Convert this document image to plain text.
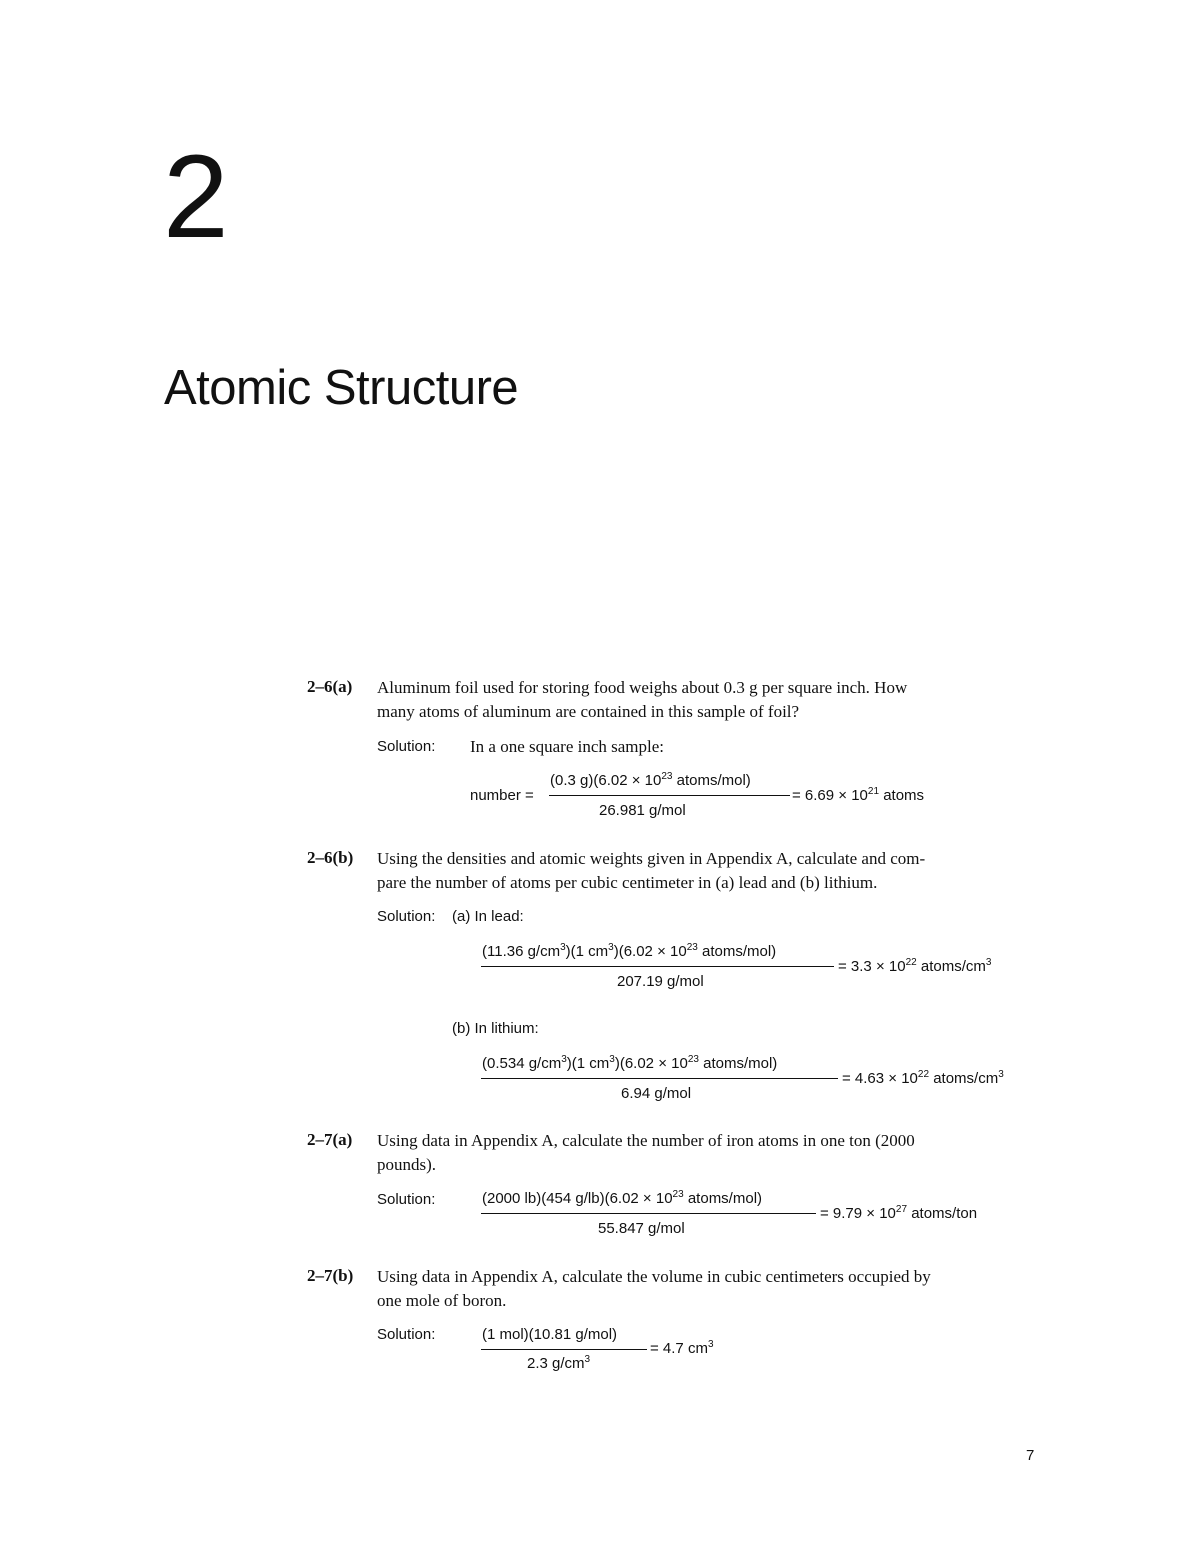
2
Atomic Structure
2–6(a) Aluminum foil used for storing food weighs about 0.3 g per square inch. How
many atoms of aluminum are contained in this sample of foil?
Solution: In a one square inch sample:
number =
(0.3 $g)(6.02 \times 10^{23}$ atoms/mol)
26.981 g/mol
= $6.69 \times 10^{21}$ atoms
2–6(b) Using the densities and atomic weights given in Appendix A, calculate and com-
pare the number of atoms per cubic centimeter in (a) lead and (b) lithium.
Solution: (a) In lead:
(11.36 $g/cm^3)(1$ $cm^3)(6.02 \times 10^{23}$ atoms/mol)
207.19 g/mol
= $3.3 \times 10^{22}$ atoms/$cm^3$
(b) In lithium:
(0.534 $g/cm^3)(1$ $cm^3)(6.02 \times 10^{23}$ atoms/mol)
6.94 g/mol
= $4.63 \times 10^{22}$ atoms/$cm^3$
2–7(a) Using data in Appendix A, calculate the number of iron atoms in one ton (2000
pounds).
Solution:	(2000 lb)(454 $g/lb)(6.02 \times 10^{23}$ atoms/mol)
55.847 g/mol
= $9.79 \times 10^{27}$ atoms/ton
2–7(b) Using data in Appendix A, calculate the volume in cubic centimeters occupied by
one mole of boron.
Solution:	(1 mol)(10.81 g/mol)
2.3 $g/cm^3$
= 4.7 $cm^3$
7
